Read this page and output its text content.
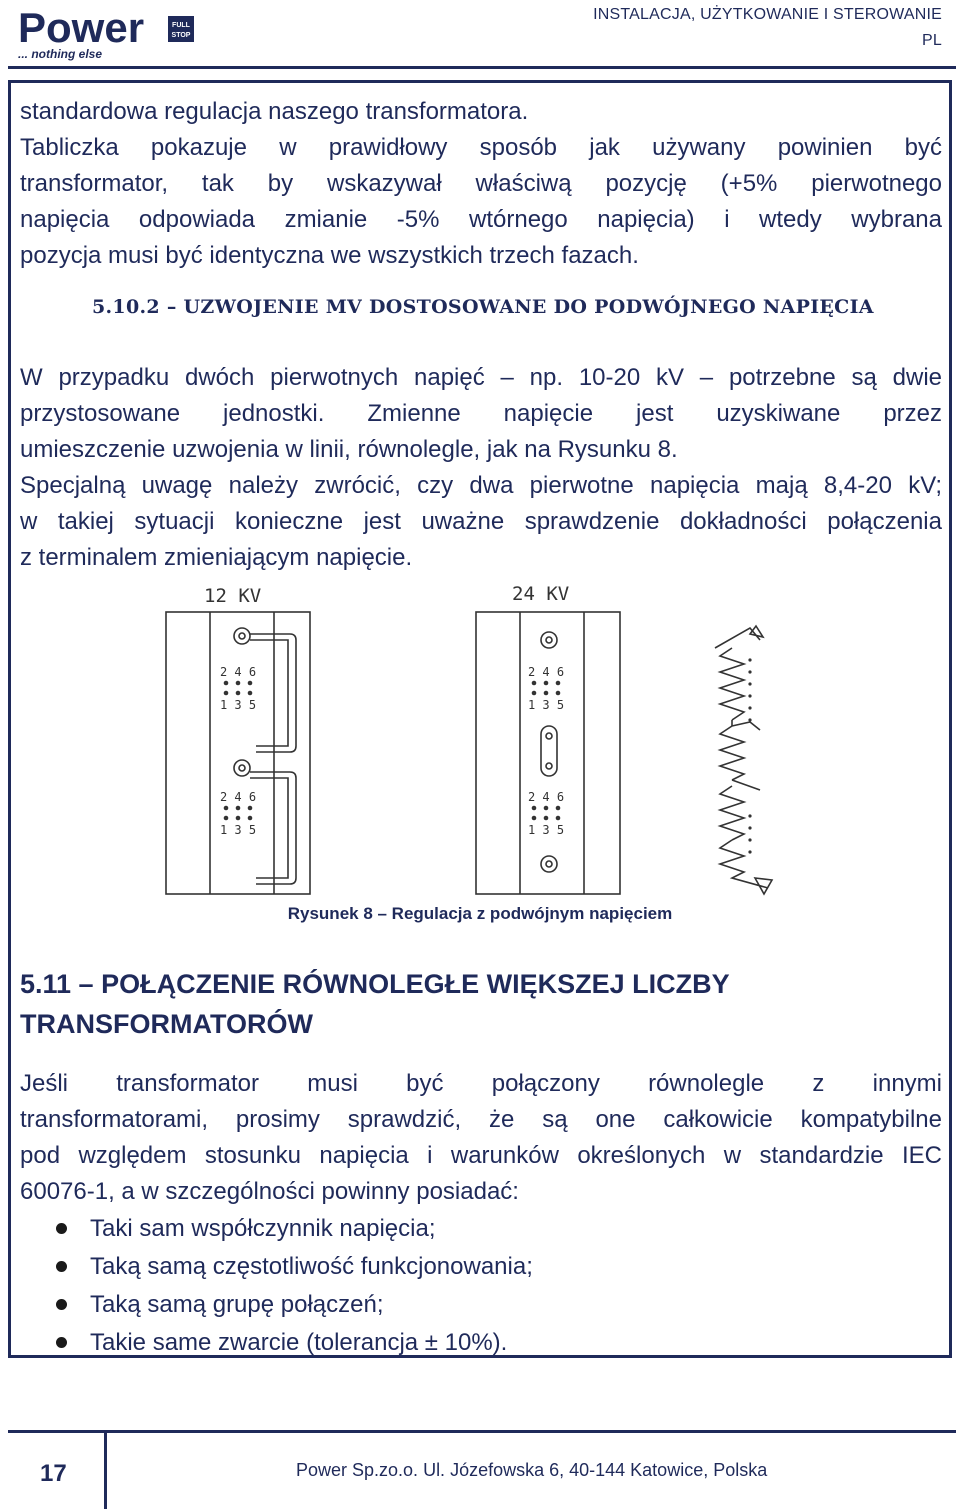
Power	FULL
STOP
... nothing else
INSTALACJA, UŻYTKOWANIE I STEROWANIE
PL
standardowa regulacja naszego transformatora.
Tabliczka pokazuje w prawidłowy sposób jak używany powinien być
transformator, tak by wskazywał właściwą pozycję (+5% pierwotnego
napięcia odpowiada zmianie -5% wtórnego napięcia) i wtedy wybrana
pozycja musi być identyczna we wszystkich trzech fazach.
5.10.2 – UZWOJENIE MV DOSTOSOWANE DO PODWÓJNEGO NAPIĘCIA
W przypadku dwóch pierwotnych napięć – np. 10-20 kV – potrzebne są dwie
przystosowane jednostki. Zmienne napięcie jest uzyskiwane przez
umieszczenie uzwojenia w linii, równolegle, jak na Rysunku 8.
Specjalną uwagę należy zwrócić, czy dwa pierwotne napięcia mają 8,4-20 kV;
w takiej sytuacji konieczne jest uważne sprawdzenie dokładności połączenia
z terminalem zmieniającym napięcie.
12 KV	24 KV
2 4 6
1 3 5
2 4 6
1 3 5
2 4 6
1 3 5
2 4 6
1 3 5
Rysunek 8 – Regulacja z podwójnym napięciem
5.11 – POŁĄCZENIE RÓWNOLEGŁE WIĘKSZEJ LICZBY
TRANSFORMATORÓW
Jeśli transformator musi być połączony równolegle z innymi
transformatorami, prosimy sprawdzić, że są one całkowicie kompatybilne
pod względem stosunku napięcia i warunków określonych w standardzie IEC
60076-1, a w szczególności powinny posiadać:
Taki sam współczynnik napięcia;
Taką samą częstotliwość funkcjonowania;
Taką samą grupę połączeń;
Takie same zwarcie (tolerancja ± 10%).
17	Power Sp.zo.o. Ul. Józefowska 6, 40-144 Katowice, Polska
